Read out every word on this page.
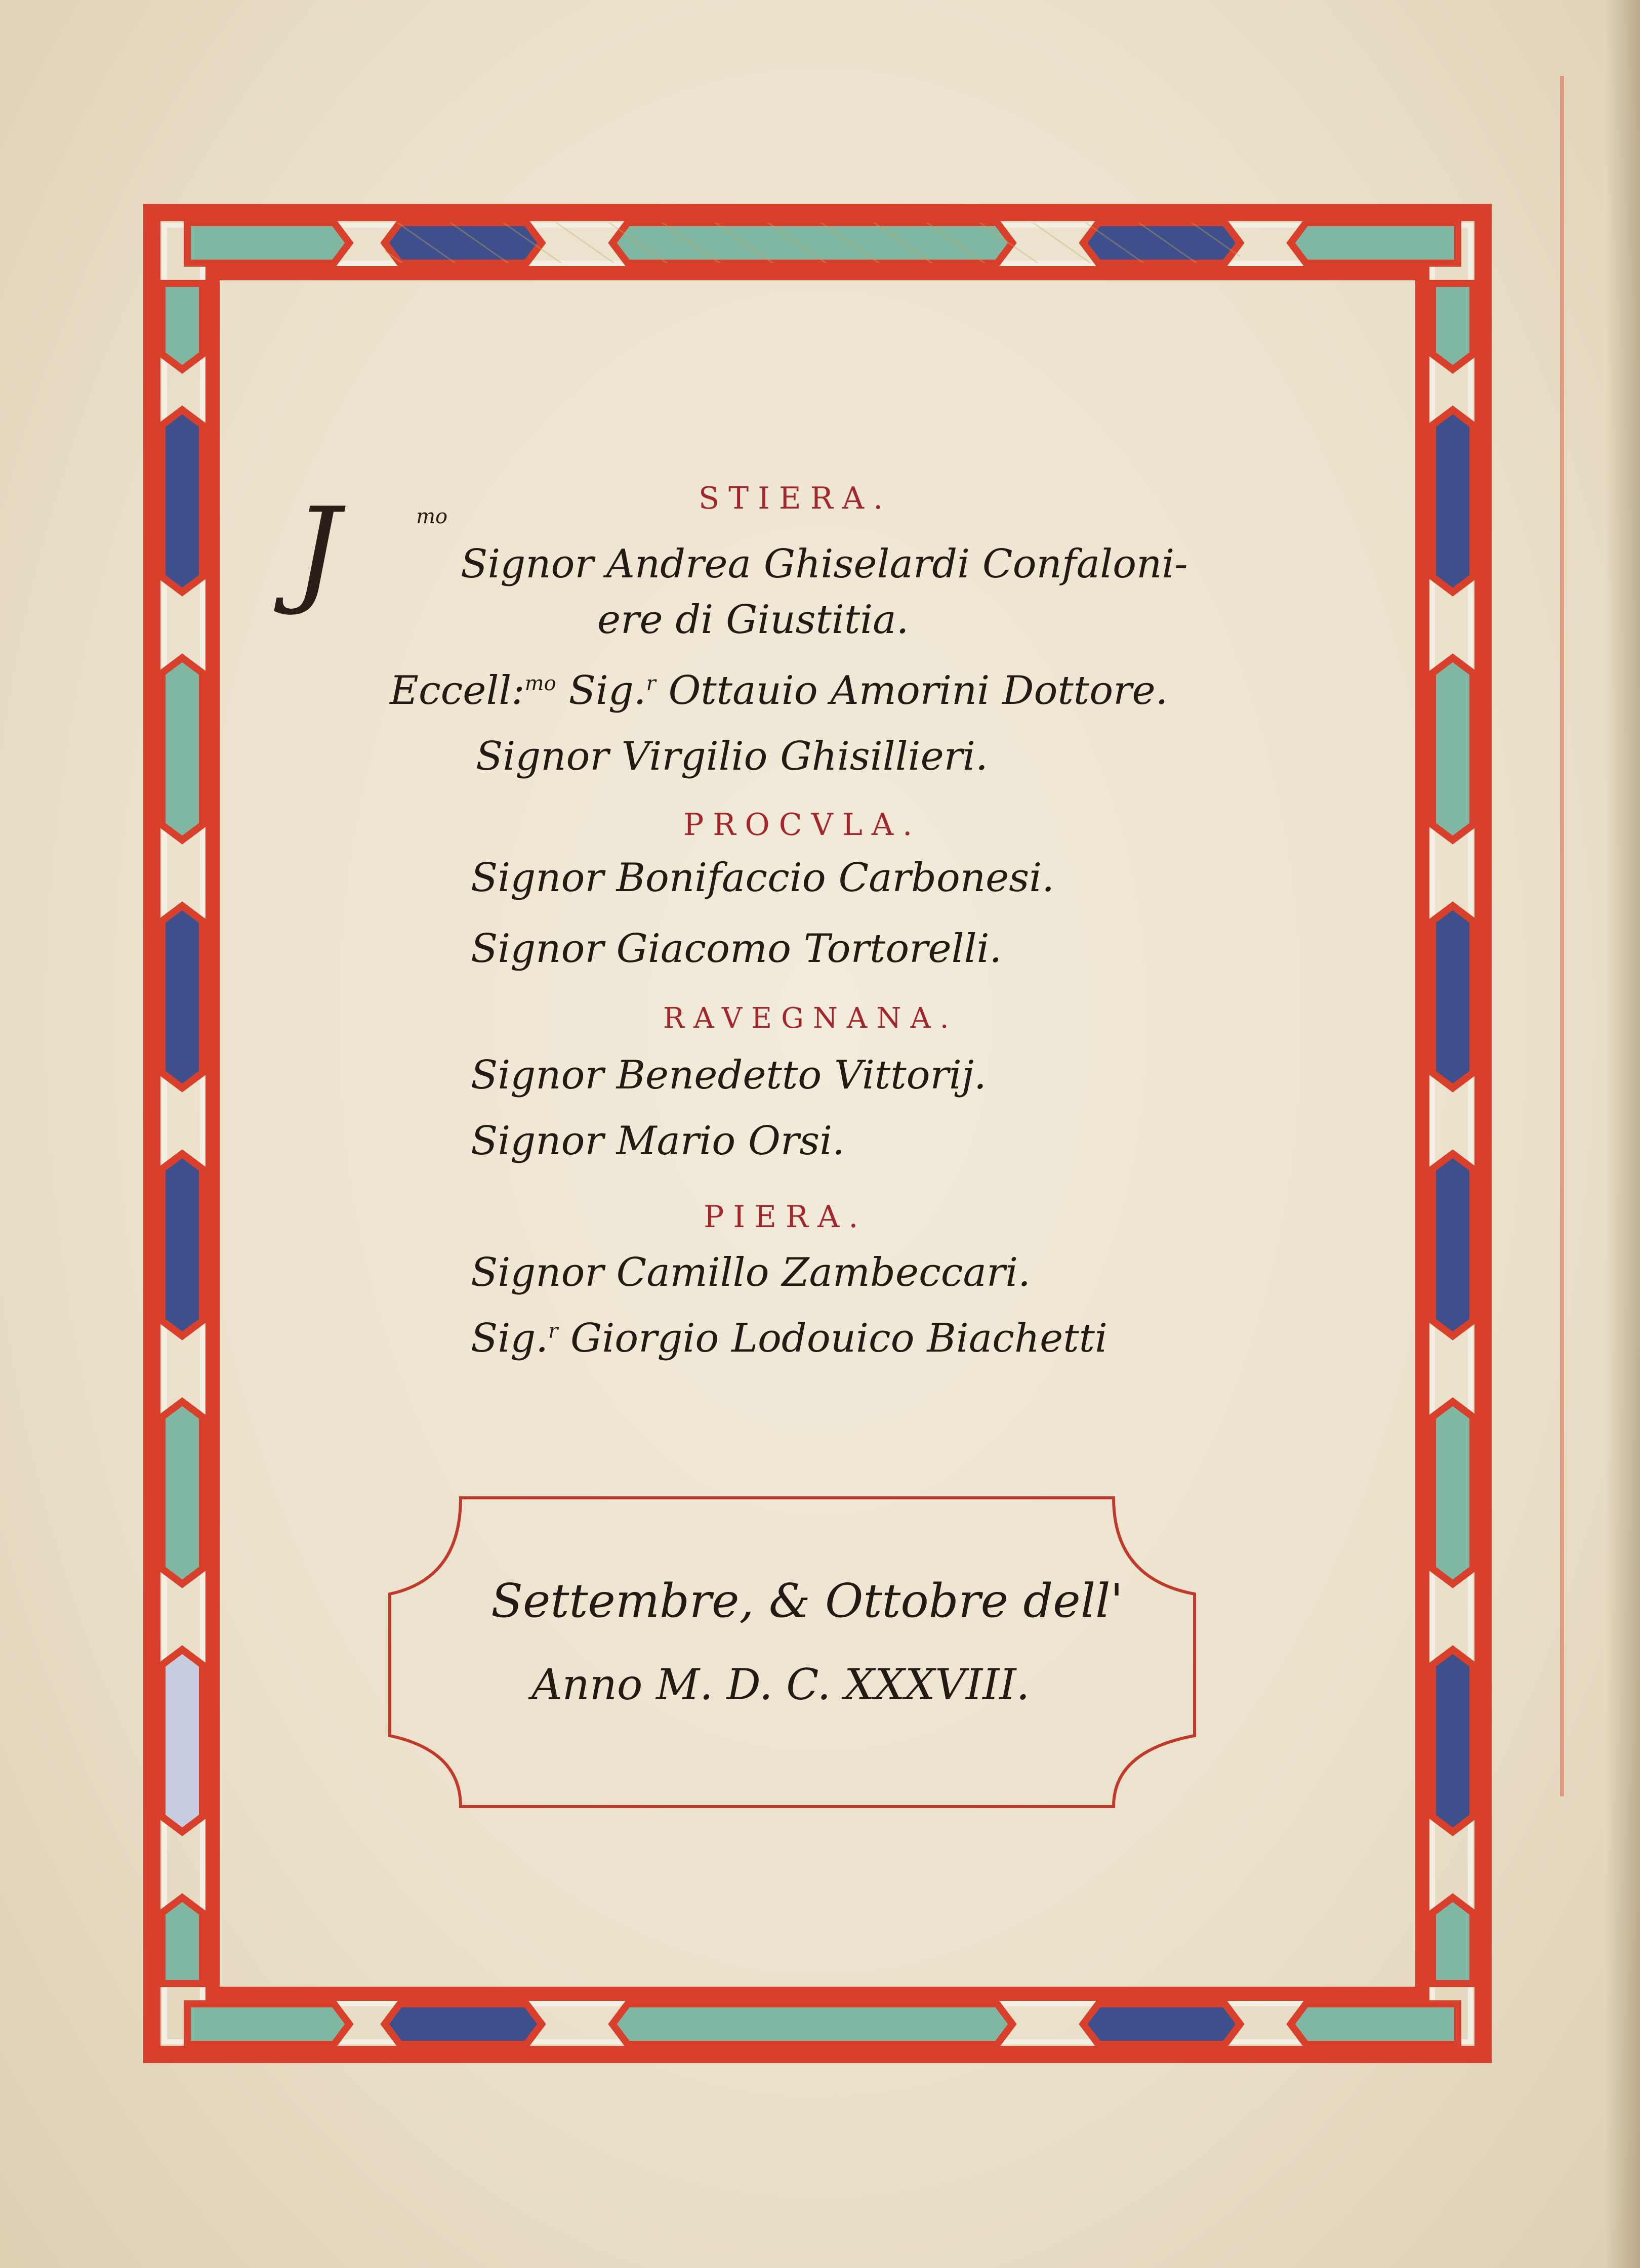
J	STIERA.
$^{mo}$
Signor Andrea Ghiselardi Confaloni-
ere di Giustitia.
Eccell:$^{mo}$ Sig.$^r$ Ottauio Amorini Dottore.
Signor Virgilio Ghisillieri.
PROCVLA.
Signor Bonifaccio Carbonesi.
Signor Giacomo Tortorelli.
RAVEGNANA.
Signor Benedetto Vittorij.
Signor Mario Orsi.
PIERA.
Signor Camillo Zambeccari.
Sig.$^r$ Giorgio Lodouico Biachetti
Settembre, & Ottobre dell'
Anno M. D. C. XXXVIII.
